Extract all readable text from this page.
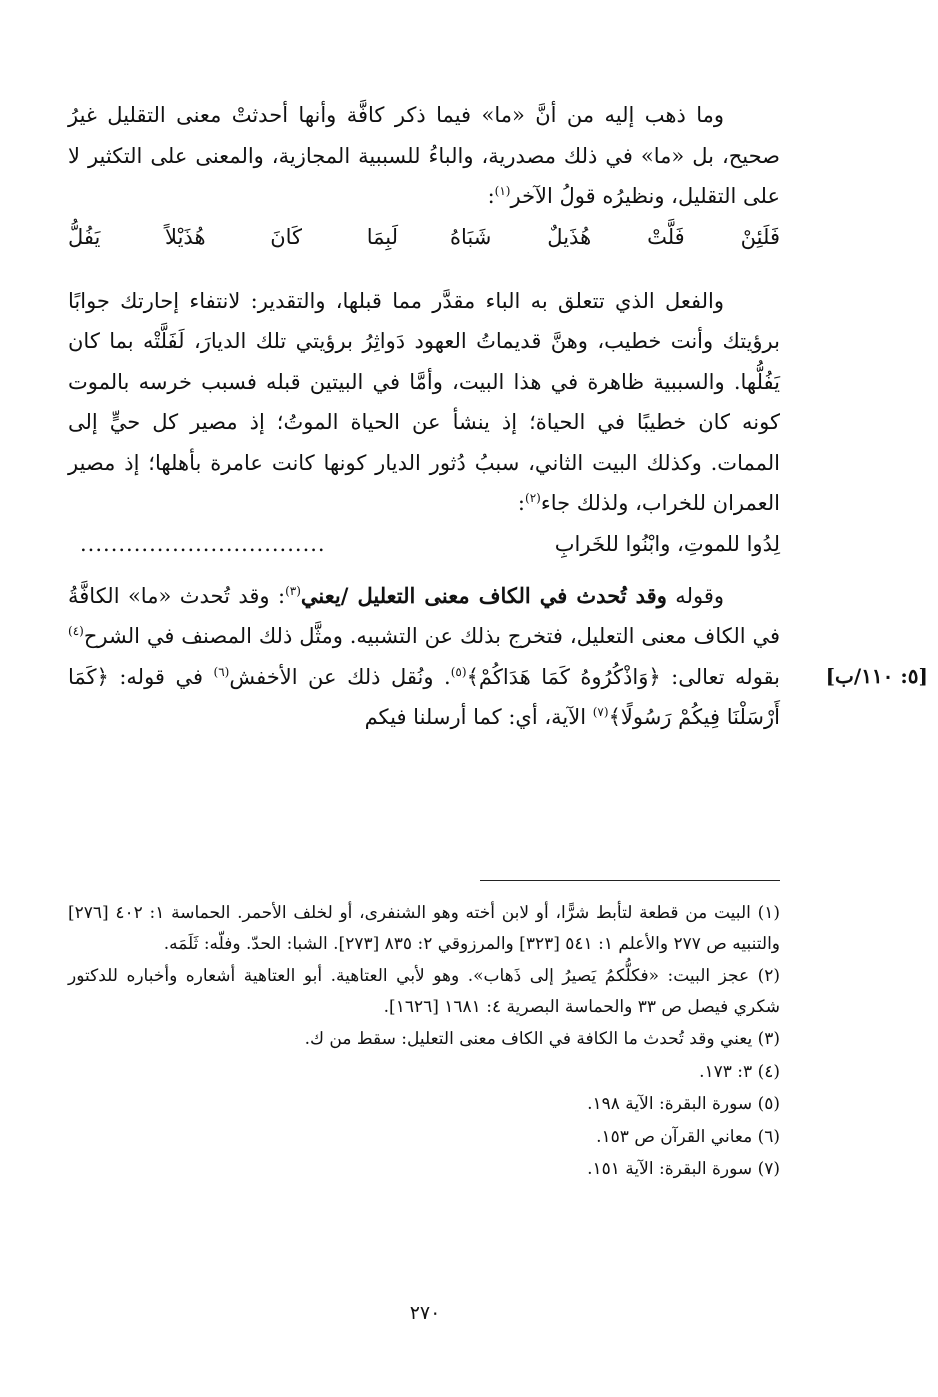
وما ذهب إليه من أنَّ «ما» فيما ذكر كافَّة وأنها أحدثتْ معنى التقليل غيرُ صحيح، بل «ما» في ذلك مصدرية، والباءُ للسببية المجازية، والمعنى على التكثير لا على التقليل، ونظيرُه قولُ الآخر$^{(١)}$:

فَلَئِنْ فَلَّتْ هُذَيلٌ شَبَاهُ
لَبِمَا كَانَ هُذَيْلاً يَفُلُّ

والفعل الذي تتعلق به الباء مقدَّر مما قبلها، والتقدير: لانتفاء إحارتك جوابًا برؤيتك وأنت خطيب، وهنَّ قديماتُ العهود دَواثِرُ برؤيتي تلك الديارَ، لَفَلَّتْه بما كان يَفُلُّها. والسببية ظاهرة في هذا البيت، وأمَّا في البيتين قبله فسبب خرسه بالموت كونه كان خطيبًا في الحياة؛ إذ ينشأ عن الحياة الموتُ؛ إذ مصير كل حيٍّ إلى الممات. وكذلك البيت الثاني، سببُ دُثور الديار كونها كانت عامرة بأهلها؛ إذ مصير العمران للخراب، ولذلك جاء$^{(٢)}$:

لِدُوا للموتِ، وابْنُوا للخَرابِ
................................

وقوله وقد تُحدث في الكاف معنى التعليل /يعني$^{(٣)}$: وقد تُحدث «ما» الكافَّةُ في الكاف معنى التعليل، فتخرج بذلك عن التشبيه. ومثَّل ذلك المصنف في الشرح$^{(٤)}$ بقوله تعالى: ﴿وَاذْكُرُوهُ كَمَا هَدَاكُمْ﴾$^{(٥)}$. ونُقل ذلك عن الأخفش$^{(٦)}$ في قوله: ﴿كَمَا أَرْسَلْنَا فِيكُمْ رَسُولًا﴾$^{(٧)}$ الآية، أي: كما أرسلنا فيكم

[٥: ١١٠/ب]

(١) البيت من قطعة لتأبط شرًّا، أو لابن أخته وهو الشنفرى، أو لخلف الأحمر. الحماسة ١: ٤٠٢ [٢٧٦] والتنبيه ص ٢٧٧ والأعلم ١: ٥٤١ [٣٢٣] والمرزوقي ٢: ٨٣٥ [٢٧٣]. الشبا: الحدّ. وفلّه: ثَلَمَه.

(٢) عجز البيت: «فكلُّكمُ يَصيرُ إلى ذَهاب». وهو لأبي العتاهية. أبو العتاهية أشعاره وأخباره للدكتور شكري فيصل ص ٣٣ والحماسة البصرية ٤: ١٦٨١ [١٦٢٦].

(٣) يعني وقد تُحدث ما الكافة في الكاف معنى التعليل: سقط من ك.

(٤) ٣: ١٧٣.

(٥) سورة البقرة: الآية ١٩٨.

(٦) معاني القرآن ص ١٥٣.

(٧) سورة البقرة: الآية ١٥١.

٢٧٠
